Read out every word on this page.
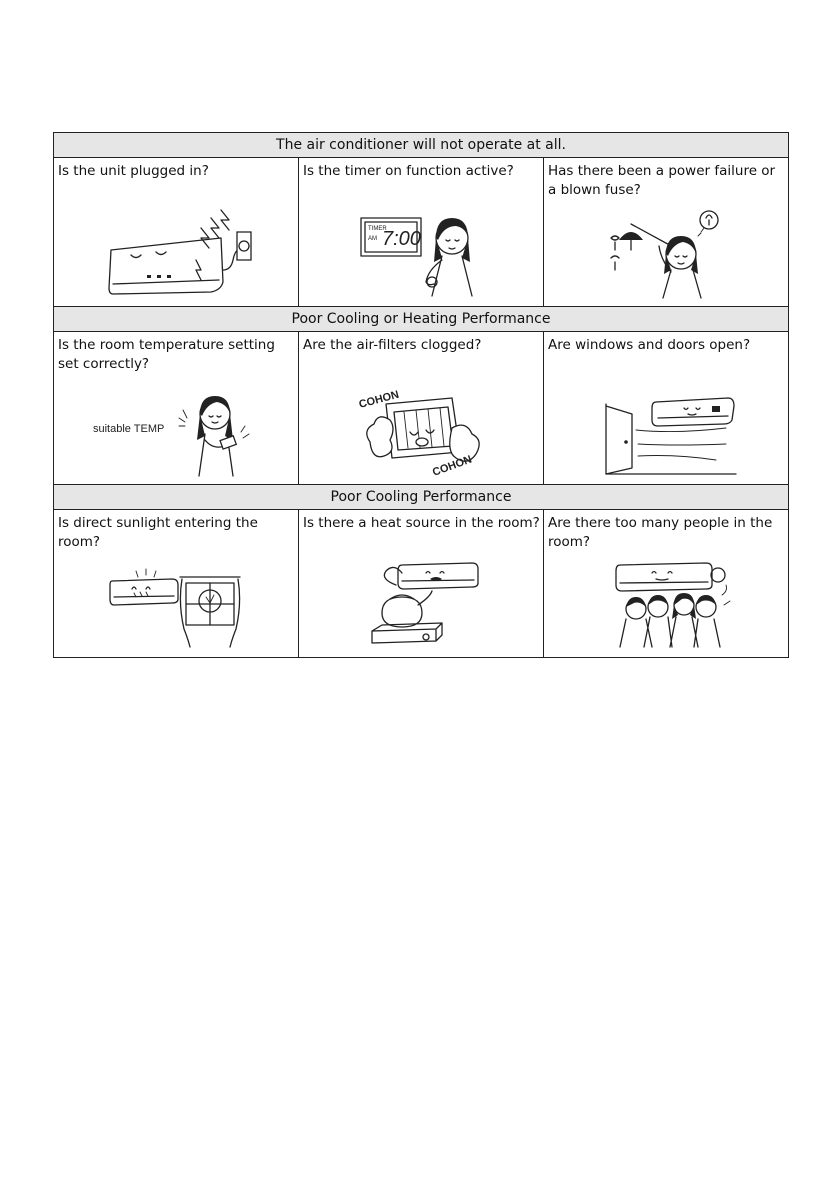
The air conditioner will not operate at all.
Is the unit plugged in?	Is the timer on function active?
TIMER
AM 7:00
Has there been a power failure or a blown fuse?
Poor Cooling or Heating Performance
Is the room temperature setting set correctly?
suitable TEMP
Are the air-filters clogged?
COHON
COHON
Are windows and doors open?
Poor Cooling Performance
Is direct sunlight entering the room?
Is there a heat source in the room? Are there too many people in the room?
